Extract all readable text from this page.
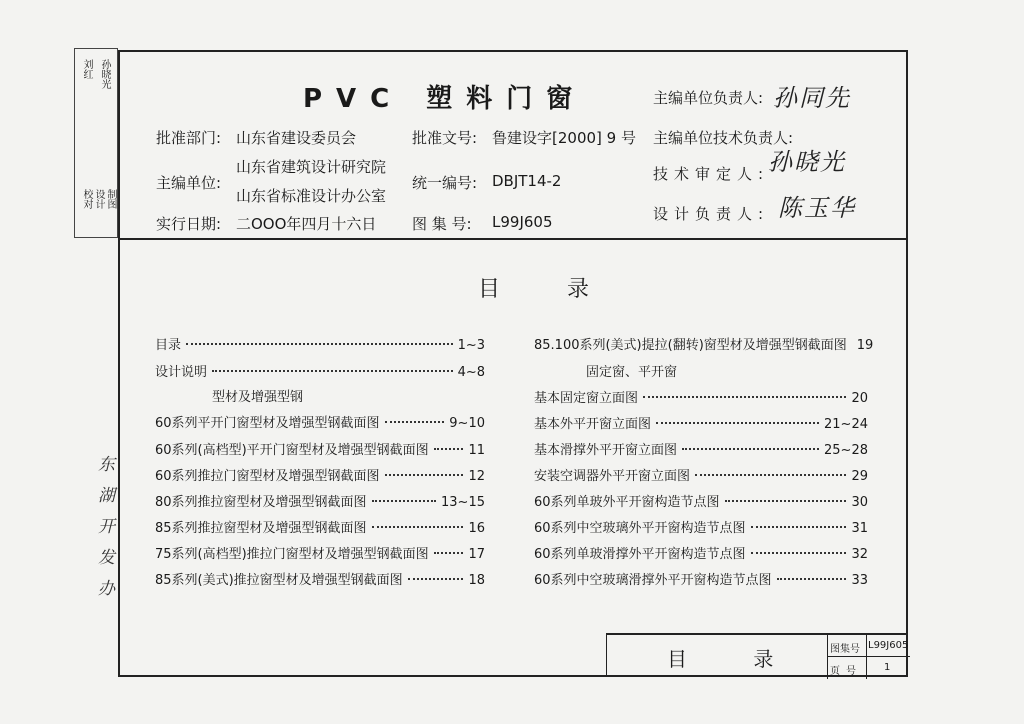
刘红 孙晓光
校对 设计 制图
东湖开发办
PVC 塑料门窗
批准部门: 山东省建设委员会
主编单位:
山东省建筑设计研究院
山东省标准设计办公室
实行日期: 二OOO年四月十六日
批准文号: 鲁建设字[2000] 9 号
统一编号: DBJT14-2
图 集 号: L99J605
主编单位负责人: 孙同先
主编单位技术负责人:
技术审定人:
孙晓光
设计负责人: 陈玉华
目 录
目录	1~3
设计说明	4~8
型材及增强型钢
60系列平开门窗型材及增强型钢截面图	9~10
60系列(高档型)平开门窗型材及增强型钢截面图	11
60系列推拉门窗型材及增强型钢截面图	12
80系列推拉窗型材及增强型钢截面图	13~15
85系列推拉窗型材及增强型钢截面图	16
75系列(高档型)推拉门窗型材及增强型钢截面图	17
85系列(美式)推拉窗型材及增强型钢截面图	18
85.100系列(美式)提拉(翻转)窗型材及增强型钢截面图 19
固定窗、平开窗
基本固定窗立面图	20
基本外平开窗立面图	21~24
基本滑撑外平开窗立面图	25~28
安装空调器外平开窗立面图	29
60系列单玻外平开窗构造节点图	30
60系列中空玻璃外平开窗构造节点图	31
60系列单玻滑撑外平开窗构造节点图	32
60系列中空玻璃滑撑外平开窗构造节点图	33
目 录	图集号 L99J605
页号 1
